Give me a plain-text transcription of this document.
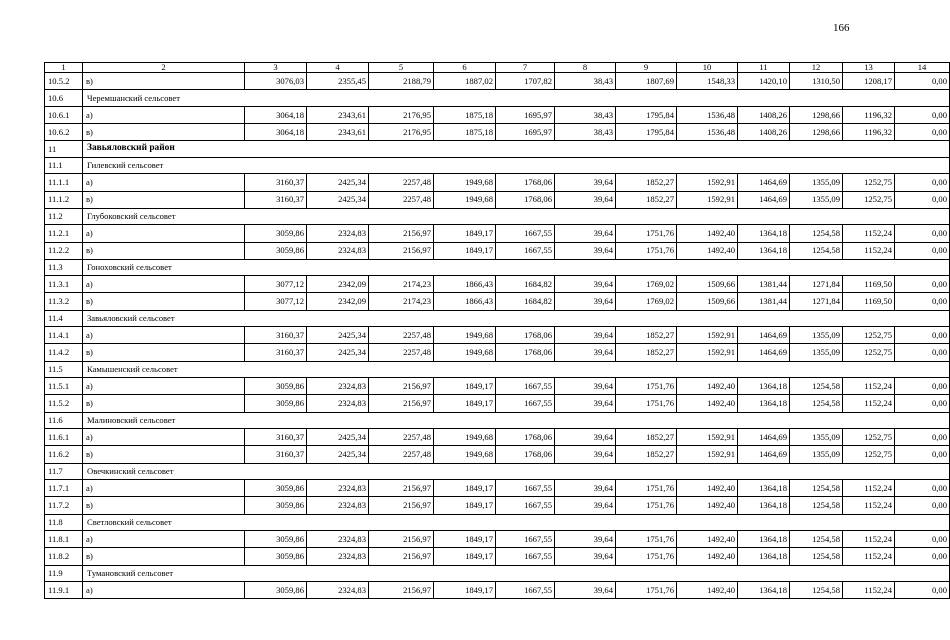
166
1	2	3	4	5	6	7	8	9	10	11	12	13	14
10.5.2	в)	3076,03	2355,45	2188,79	1887,02	1707,82	38,43	1807,69	1548,33	1420,10	1310,50	1208,17	0,00
10.6	Черемшанский сельсовет												
10.6.1	а)	3064,18	2343,61	2176,95	1875,18	1695,97	38,43	1795,84	1536,48	1408,26	1298,66	1196,32	0,00
10.6.2	в)	3064,18	2343,61	2176,95	1875,18	1695,97	38,43	1795,84	1536,48	1408,26	1298,66	1196,32	0,00
11	Завьяловский район												
11.1	Гилевский сельсовет												
11.1.1	а)	3160,37	2425,34	2257,48	1949,68	1768,06	39,64	1852,27	1592,91	1464,69	1355,09	1252,75	0,00
11.1.2	в)	3160,37	2425,34	2257,48	1949,68	1768,06	39,64	1852,27	1592,91	1464,69	1355,09	1252,75	0,00
11.2	Глубоковский сельсовет												
11.2.1	а)	3059,86	2324,83	2156,97	1849,17	1667,55	39,64	1751,76	1492,40	1364,18	1254,58	1152,24	0,00
11.2.2	в)	3059,86	2324,83	2156,97	1849,17	1667,55	39,64	1751,76	1492,40	1364,18	1254,58	1152,24	0,00
11.3	Гонохoвский сельсовет												
11.3.1	а)	3077,12	2342,09	2174,23	1866,43	1684,82	39,64	1769,02	1509,66	1381,44	1271,84	1169,50	0,00
11.3.2	в)	3077,12	2342,09	2174,23	1866,43	1684,82	39,64	1769,02	1509,66	1381,44	1271,84	1169,50	0,00
11.4	Завьяловский сельсовет												
11.4.1	а)	3160,37	2425,34	2257,48	1949,68	1768,06	39,64	1852,27	1592,91	1464,69	1355,09	1252,75	0,00
11.4.2	в)	3160,37	2425,34	2257,48	1949,68	1768,06	39,64	1852,27	1592,91	1464,69	1355,09	1252,75	0,00
11.5	Камышенский сельсовет												
11.5.1	а)	3059,86	2324,83	2156,97	1849,17	1667,55	39,64	1751,76	1492,40	1364,18	1254,58	1152,24	0,00
11.5.2	в)	3059,86	2324,83	2156,97	1849,17	1667,55	39,64	1751,76	1492,40	1364,18	1254,58	1152,24	0,00
11.6	Малиновский сельсовет												
11.6.1	а)	3160,37	2425,34	2257,48	1949,68	1768,06	39,64	1852,27	1592,91	1464,69	1355,09	1252,75	0,00
11.6.2	в)	3160,37	2425,34	2257,48	1949,68	1768,06	39,64	1852,27	1592,91	1464,69	1355,09	1252,75	0,00
11.7	Овечкинский сельсовет												
11.7.1	а)	3059,86	2324,83	2156,97	1849,17	1667,55	39,64	1751,76	1492,40	1364,18	1254,58	1152,24	0,00
11.7.2	в)	3059,86	2324,83	2156,97	1849,17	1667,55	39,64	1751,76	1492,40	1364,18	1254,58	1152,24	0,00
11.8	Светловский сельсовет												
11.8.1	а)	3059,86	2324,83	2156,97	1849,17	1667,55	39,64	1751,76	1492,40	1364,18	1254,58	1152,24	0,00
11.8.2	в)	3059,86	2324,83	2156,97	1849,17	1667,55	39,64	1751,76	1492,40	1364,18	1254,58	1152,24	0,00
11.9	Тумановский сельсовет												
11.9.1	а)	3059,86	2324,83	2156,97	1849,17	1667,55	39,64	1751,76	1492,40	1364,18	1254,58	1152,24	0,00
